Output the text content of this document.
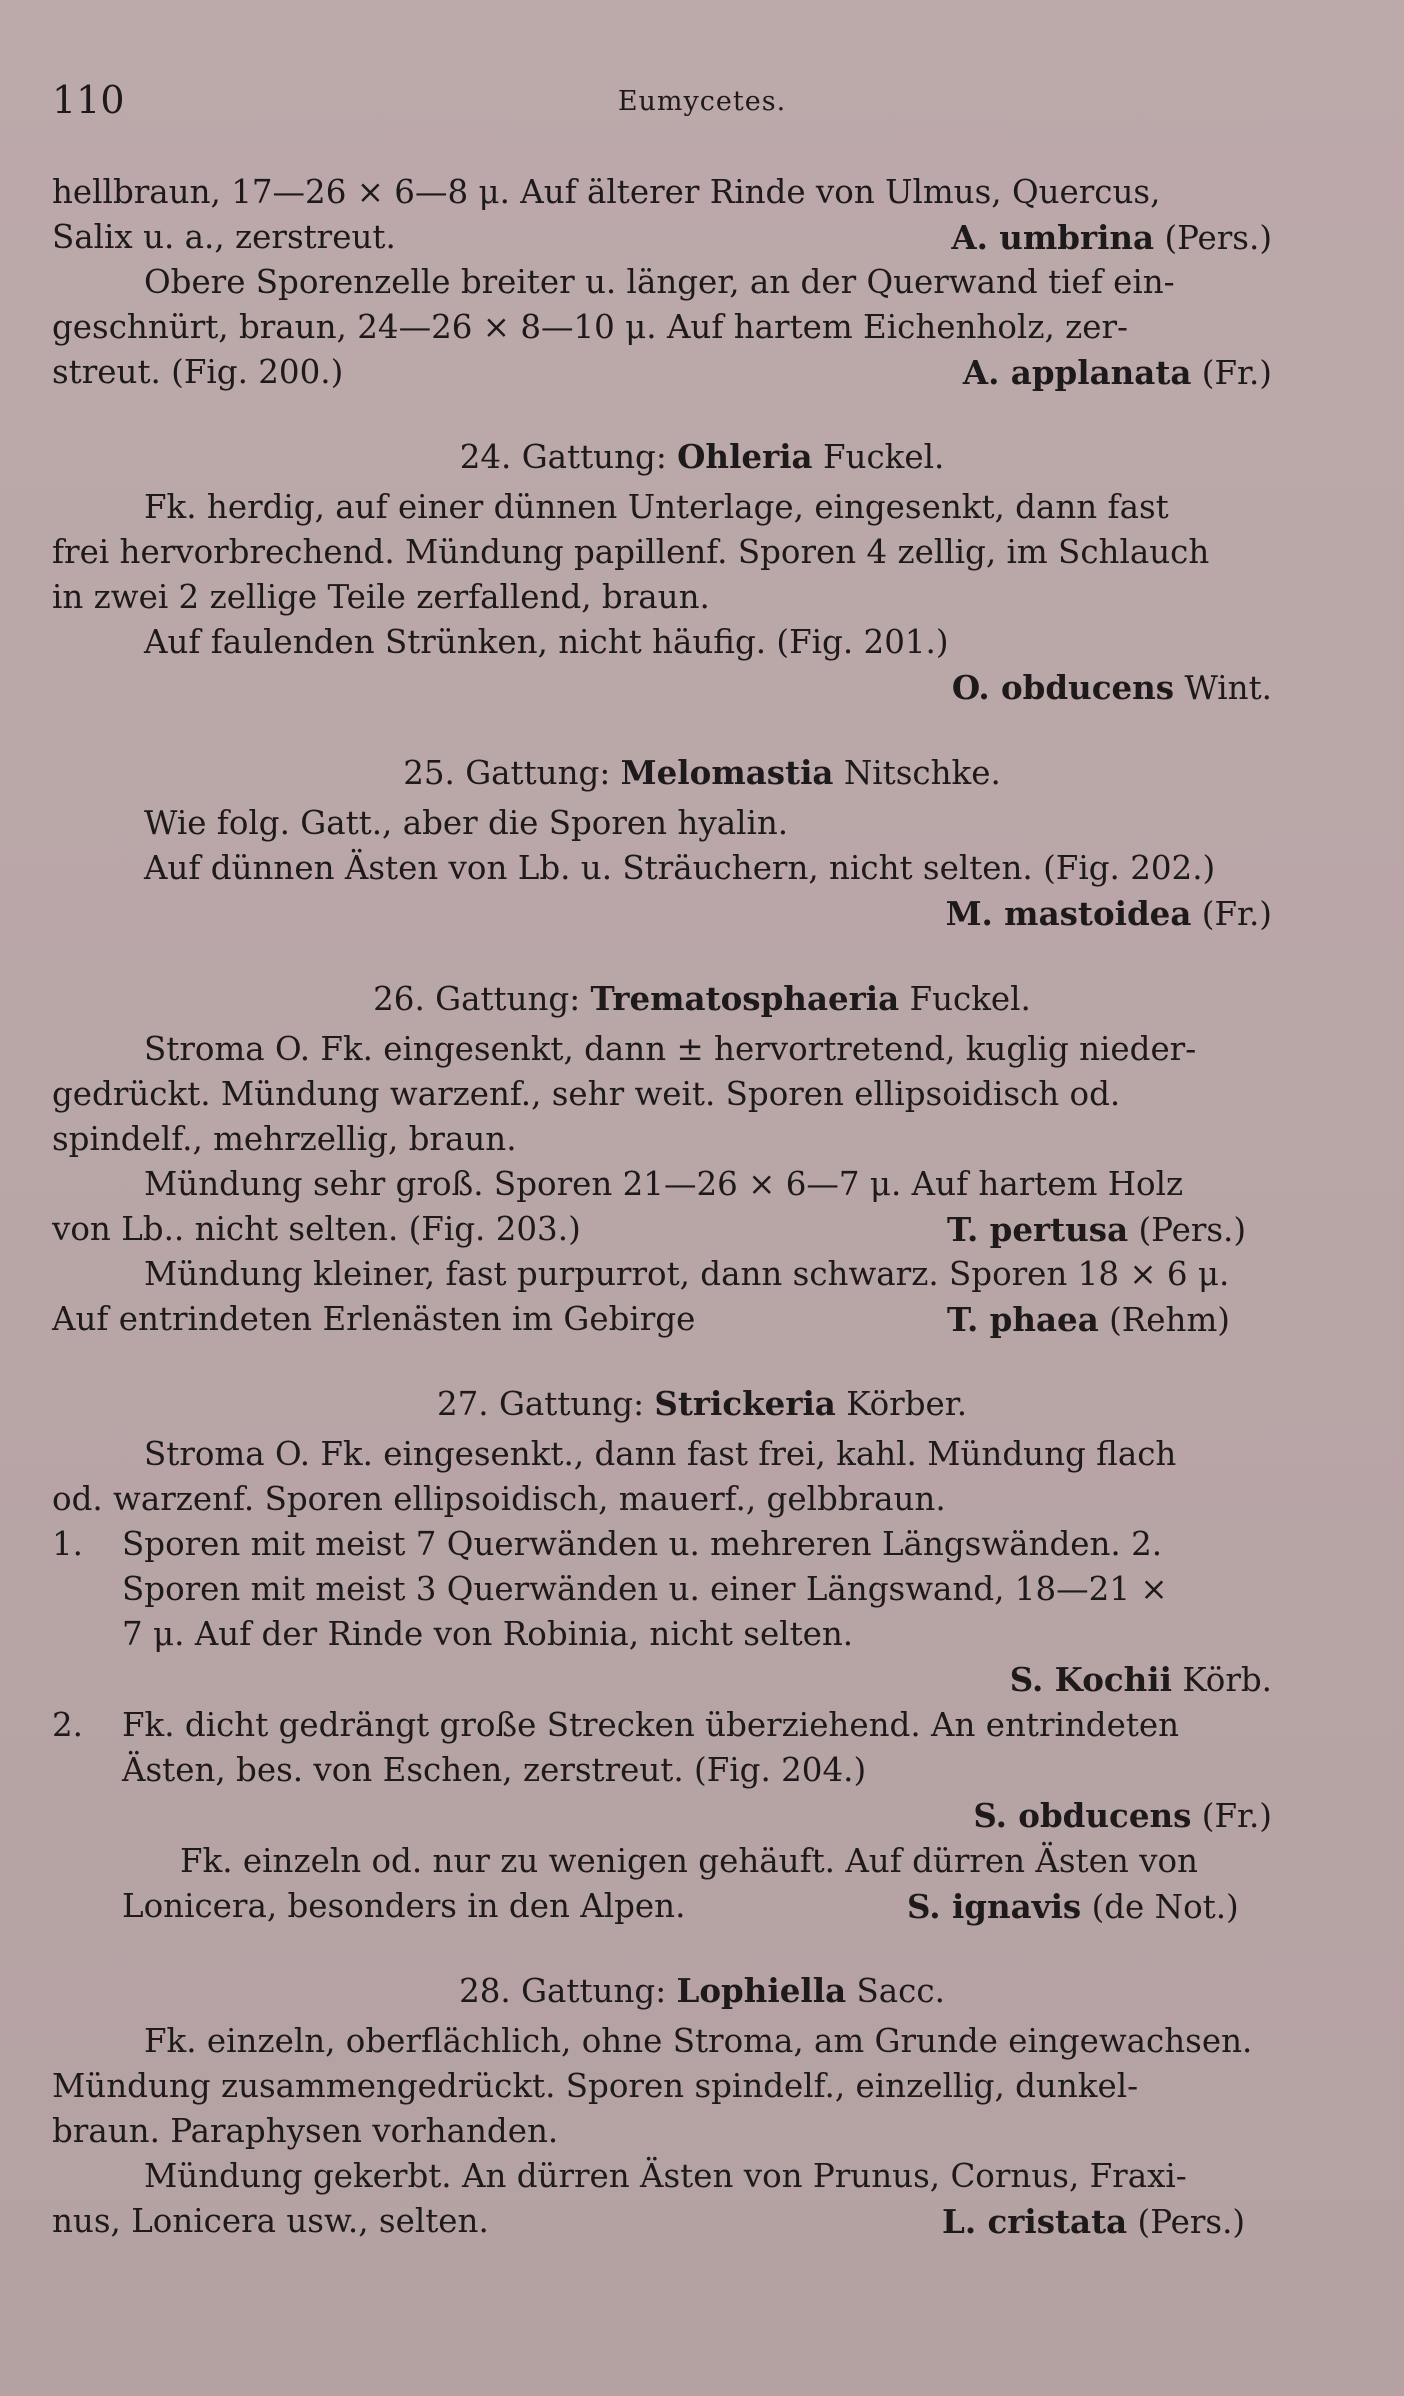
110	Eumycetes.

hellbraun, 17—26 × 6—8 μ. Auf älterer Rinde von Ulmus, Quercus,

Salix u. a., zerstreut.	A. umbrina (Pers.)

Obere Sporenzelle breiter u. länger, an der Querwand tief ein-

geschnürt, braun, 24—26 × 8—10 μ. Auf hartem Eichenholz, zer-

streut. (Fig. 200.)	A. applanata (Fr.)

24. Gattung: Ohleria Fuckel.

Fk. herdig, auf einer dünnen Unterlage, eingesenkt, dann fast

frei hervorbrechend. Mündung papillenf. Sporen 4 zellig, im Schlauch

in zwei 2 zellige Teile zerfallend, braun.

Auf faulenden Strünken, nicht häufig. (Fig. 201.)

O. obducens Wint.

25. Gattung: Melomastia Nitschke.

Wie folg. Gatt., aber die Sporen hyalin.

Auf dünnen Ästen von Lb. u. Sträuchern, nicht selten. (Fig. 202.)

M. mastoidea (Fr.)

26. Gattung: Trematosphaeria Fuckel.

Stroma O. Fk. eingesenkt, dann ± hervortretend, kuglig nieder-

gedrückt. Mündung warzenf., sehr weit. Sporen ellipsoidisch od.

spindelf., mehrzellig, braun.

Mündung sehr groß. Sporen 21—26 × 6—7 μ. Auf hartem Holz

von Lb.. nicht selten. (Fig. 203.)	T. pertusa (Pers.)

Mündung kleiner, fast purpurrot, dann schwarz. Sporen 18 × 6 μ.

Auf entrindeten Erlenästen im Gebirge	T. phaea (Rehm)

27. Gattung: Strickeria Körber.

Stroma O. Fk. eingesenkt., dann fast frei, kahl. Mündung flach

od. warzenf. Sporen ellipsoidisch, mauerf., gelbbraun.

1. Sporen mit meist 7 Querwänden u. mehreren Längswänden. 2.

Sporen mit meist 3 Querwänden u. einer Längswand, 18—21 ×

7 μ. Auf der Rinde von Robinia, nicht selten.

S. Kochii Körb.

2. Fk. dicht gedrängt große Strecken überziehend. An entrindeten

Ästen, bes. von Eschen, zerstreut. (Fig. 204.)

S. obducens (Fr.)

Fk. einzeln od. nur zu wenigen gehäuft. Auf dürren Ästen von

Lonicera, besonders in den Alpen.	S. ignavis (de Not.)

28. Gattung: Lophiella Sacc.

Fk. einzeln, oberflächlich, ohne Stroma, am Grunde eingewachsen.

Mündung zusammengedrückt. Sporen spindelf., einzellig, dunkel-

braun. Paraphysen vorhanden.

Mündung gekerbt. An dürren Ästen von Prunus, Cornus, Fraxi-

nus, Lonicera usw., selten.	L. cristata (Pers.)
